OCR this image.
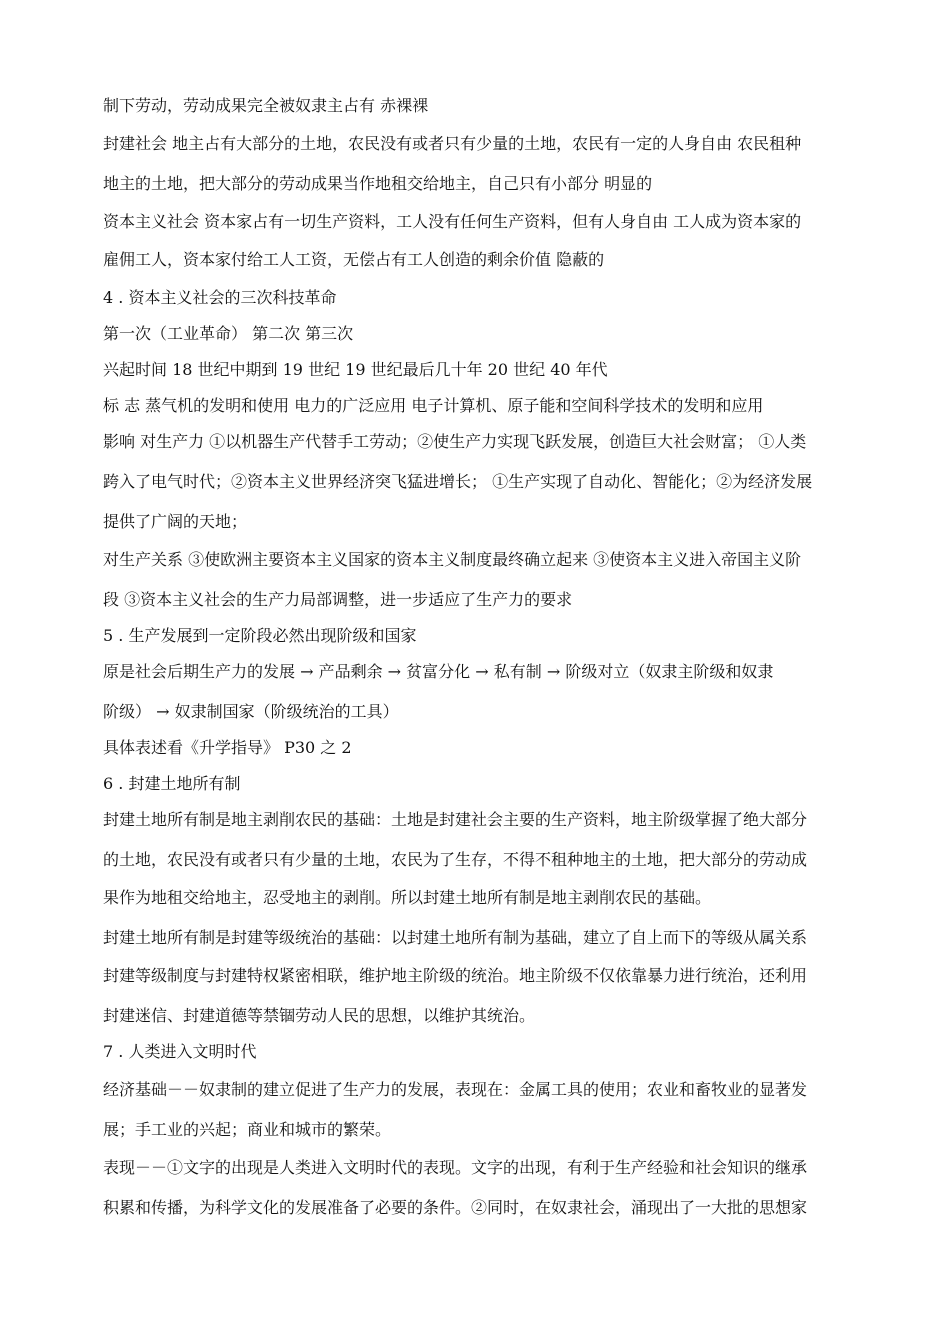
制下劳动，劳动成果完全被奴隶主占有 赤裸裸
封建社会 地主占有大部分的土地，农民没有或者只有少量的土地，农民有一定的人身自由 农民租种
地主的土地，把大部分的劳动成果当作地租交给地主，自己只有小部分 明显的
资本主义社会 资本家占有一切生产资料，工人没有任何生产资料，但有人身自由 工人成为资本家的
雇佣工人，资本家付给工人工资，无偿占有工人创造的剩余价值 隐蔽的
4 . 资本主义社会的三次科技革命
第一次（工业革命） 第二次 第三次
兴起时间 18 世纪中期到 19 世纪 19 世纪最后几十年 20 世纪 40 年代
标 志 蒸气机的发明和使用 电力的广泛应用 电子计算机、原子能和空间科学技术的发明和应用
影响 对生产力 ①以机器生产代替手工劳动；②使生产力实现飞跃发展，创造巨大社会财富； ①人类
跨入了电气时代；②资本主义世界经济突飞猛进增长； ①生产实现了自动化、智能化；②为经济发展
提供了广阔的天地；
对生产关系 ③使欧洲主要资本主义国家的资本主义制度最终确立起来 ③使资本主义进入帝国主义阶
段 ③资本主义社会的生产力局部调整，进一步适应了生产力的要求
5 . 生产发展到一定阶段必然出现阶级和国家
原是社会后期生产力的发展 → 产品剩余 → 贫富分化 → 私有制 → 阶级对立（奴隶主阶级和奴隶
阶级） → 奴隶制国家（阶级统治的工具）
具体表述看《升学指导》 P30 之 2
6 . 封建土地所有制
封建土地所有制是地主剥削农民的基础：土地是封建社会主要的生产资料，地主阶级掌握了绝大部分
的土地，农民没有或者只有少量的土地，农民为了生存，不得不租种地主的土地，把大部分的劳动成
果作为地租交给地主，忍受地主的剥削。所以封建土地所有制是地主剥削农民的基础。
封建土地所有制是封建等级统治的基础：以封建土地所有制为基础，建立了自上而下的等级从属关系
封建等级制度与封建特权紧密相联，维护地主阶级的统治。地主阶级不仅依靠暴力进行统治，还利用
封建迷信、封建道德等禁锢劳动人民的思想，以维护其统治。
7 . 人类进入文明时代
经济基础－－奴隶制的建立促进了生产力的发展，表现在：金属工具的使用；农业和畜牧业的显著发
展；手工业的兴起；商业和城市的繁荣。
表现－－①文字的出现是人类进入文明时代的表现。文字的出现，有利于生产经验和社会知识的继承
积累和传播，为科学文化的发展准备了必要的条件。②同时，在奴隶社会，涌现出了一大批的思想家
